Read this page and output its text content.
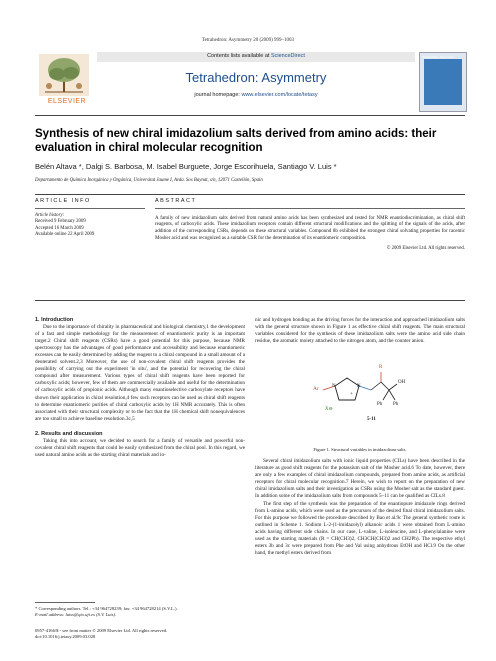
Tetrahedron: Asymmetry 20 (2009) 999–1003
ELSEVIER
Contents lists available at ScienceDirect
Tetrahedron: Asymmetry
journal homepage: www.elsevier.com/locate/tetasy
Tetrahedron: Asymmetry
Synthesis of new chiral imidazolium salts derived from amino acids: their evaluation in chiral molecular recognition
Belén Altava *, Dalgi S. Barbosa, M. Isabel Burguete, Jorge Escorihuela, Santiago V. Luis *
Departamento de Química Inorgánica y Orgánica, Universitat Jaume I, Avda. Sos Baynat, s/n, 12071 Castellón, Spain
ARTICLE INFO
Article history:
Received 9 February 2009
Accepted 16 March 2009
Available online 22 April 2009
ABSTRACT
A family of new imidazolium salts derived from natural amino acids has been synthesized and tested for NMR enantiodiscrimination, as chiral shift reagents, of carboxylic acids. These imidazolium receptors contain different structural modifications and the splitting of the signals of the acids, after addition of the corresponding CSRs, depends on these structural variables. Compound 8b exhibited the strongest chiral solvating properties for racemic Mosher acid and was recognized as a suitable CSR for the determination of its enantiomeric composition.
© 2009 Elsevier Ltd. All rights reserved.

1. Introduction

Due to the importance of chirality in pharmaceutical and biological chemistry,1 the development of a fast and simple methodology for the measurement of enantiomeric purity is an important target.2 Chiral shift reagents (CSRs) have a good potential for this purpose, because NMR spectroscopy has the advantages of good performance and accessibility and because enantiomeric excesses can be easily determined by adding the reagent to a chiral compound in a small amount of a deuterated solvent.2,3 Moreover, the use of non-covalent chiral shift reagents provides the possibility of carrying out the experiment 'in situ', and the potential for recovering the chiral compound after measurement. Various types of chiral shift reagents have been reported for carboxylic acids; however, few of them are commercially available and useful for the determination of carboxylic acids of propionic acids. Although many enantioselective carboxylate receptors have shown their application in chiral resolution,4 few such receptors can be used as chiral shift reagents to determine enantiomeric purities of chiral carboxylic acids by 1H NMR accurately. This is often associated with their structural complexity or to the fact that the 1H chemical shift nonequivalences are too small to achieve baseline resolution.3c,5

2. Results and discussion

Taking this into account, we decided to search for a family of versatile and powerful non-covalent chiral shift reagents that could be easily synthesized from the chiral pool. In this regard, we used natural amino acids as the starting chiral materials and io-

nic and hydrogen bonding as the driving forces for the interaction and approached imidazolium salts with the general structure shown in Figure 1 as effective chiral shift reagents. The main structural variables considered for the synthesis of these imidazolium salts were the amino acid side chain residue, the aromatic moiety attached to the nitrogen atom, and the counter anion.

Ar	N	N
+
X⊖
R
OH
Ph Ph
5-11
Figure 1. Structural variables in imidazolium salts.

Several chiral imidazolium salts with ionic liquid properties (CILs) have been described in the literature as good shift reagents for the potassium salt of the Mosher acid.6 To date, however, there are only a few examples of chiral imidazolium compounds, prepared from amino acids, as artificial receptors for chiral molecular recognition.7 Herein, we wish to report on the preparation of new chiral imidazolium salts and their investigation as CSRs using the Mosher salt as the standard guest. In addition some of the imidazolium salts from compounds 5–11 can be qualified as CILs.8

The first step of the synthesis was the preparation of the enantiopure imidazole rings derived from L-amino acids, which were used as the precursors of the desired final chiral imidazolium salts. For this purpose we followed the procedure described by Bao et al.9c The general synthetic route is outlined in Scheme 1. Sodium L-2-(1-imidazolyl) alkanoic acids 1 were obtained from L-amino acids having different side chains. In our case, L-valine, L-isoleucine, and L-phenylalanine were used as the starting materials (R = CH(CH3)2, CH3CH(CH3)2 and CH2Ph). The respective ethyl esters 3b and 3c were prepared from Phe and Val using anhydrous EtOH and HCl.9 On the other hand, the methyl esters derived from

* Corresponding authors. Tel.: +34 964728239; fax: +34 964728214 (S.V.L.).
E-mail address: luiss@qio.uji.es (S.V. Luis).
0957-4166/$ - see front matter © 2009 Elsevier Ltd. All rights reserved.
doi:10.1016/j.tetasy.2009.03.028
